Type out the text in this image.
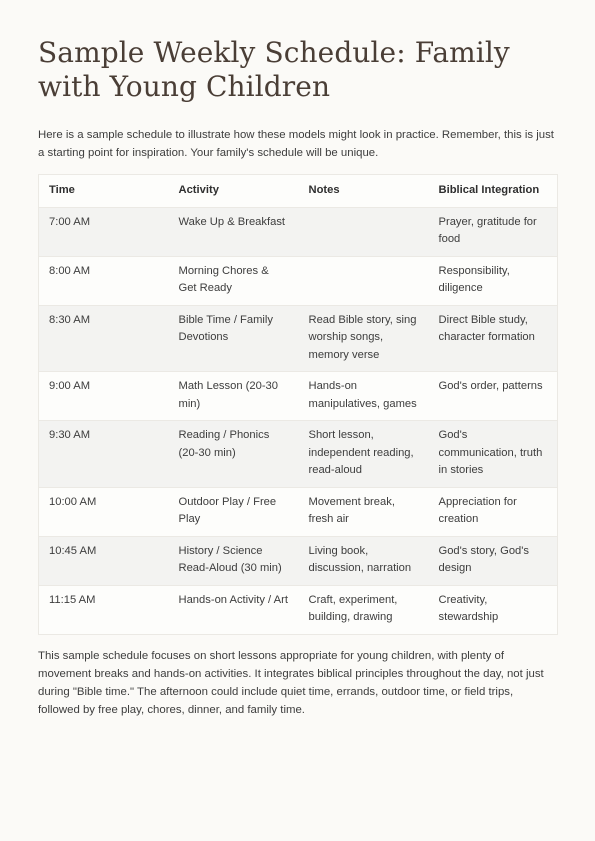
Sample Weekly Schedule: Family with Young Children

Here is a sample schedule to illustrate how these models might look in practice. Remember, this is just a starting point for inspiration. Your family's schedule will be unique.

Time	Activity	Notes	Biblical Integration
7:00 AM	Wake Up & Breakfast		Prayer, gratitude for food
8:00 AM	Morning Chores & Get Ready		Responsibility, diligence
8:30 AM	Bible Time / Family Devotions	Read Bible story, sing worship songs, memory verse	Direct Bible study, character formation
9:00 AM	Math Lesson (20-30 min)	Hands-on manipulatives, games	God's order, patterns
9:30 AM	Reading / Phonics (20-30 min)	Short lesson, independent reading, read-aloud	God's communication, truth in stories
10:00 AM	Outdoor Play / Free Play	Movement break, fresh air	Appreciation for creation
10:45 AM	History / Science Read-Aloud (30 min)	Living book, discussion, narration	God's story, God's design
11:15 AM	Hands-on Activity / Art	Craft, experiment, building, drawing	Creativity, stewardship

This sample schedule focuses on short lessons appropriate for young children, with plenty of movement breaks and hands-on activities. It integrates biblical principles throughout the day, not just during "Bible time." The afternoon could include quiet time, errands, outdoor time, or field trips, followed by free play, chores, dinner, and family time.
